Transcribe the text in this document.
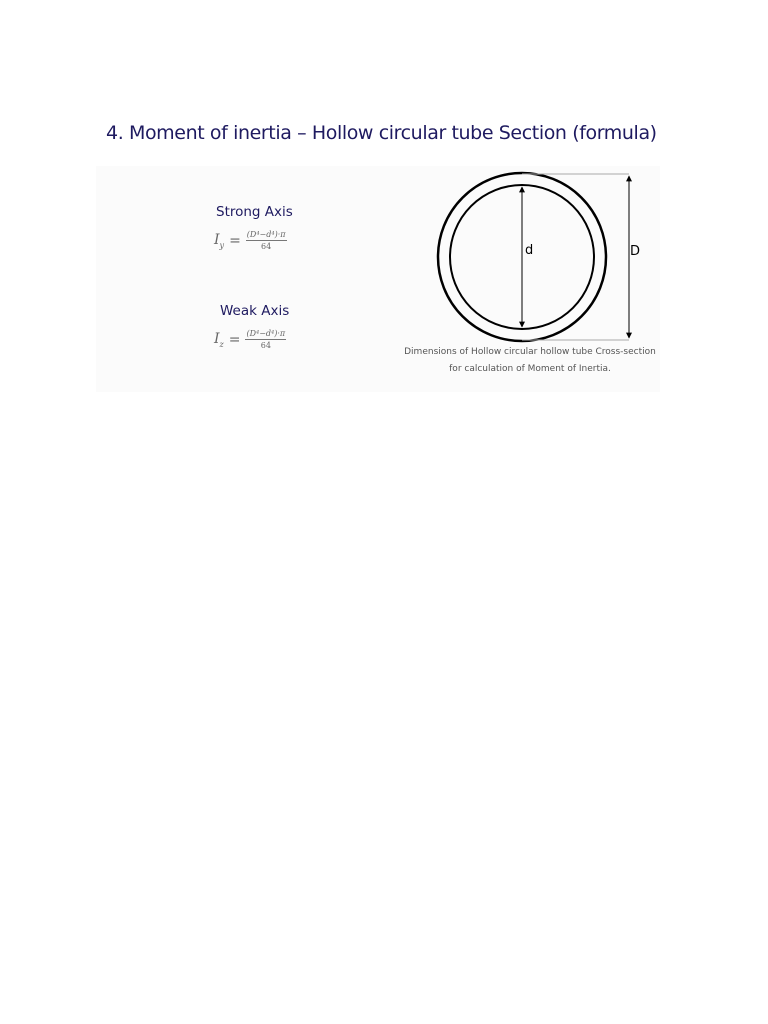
4. Moment of inertia – Hollow circular tube Section (formula)
Strong Axis
$I_y = \frac{\text{(D⁴−d⁴)·π}}{64}$
Weak Axis
$I_z = \frac{\text{(D⁴−d⁴)·π}}{64}$
d	D
Dimensions of Hollow circular hollow tube Cross-section for calculation of Moment of Inertia.
